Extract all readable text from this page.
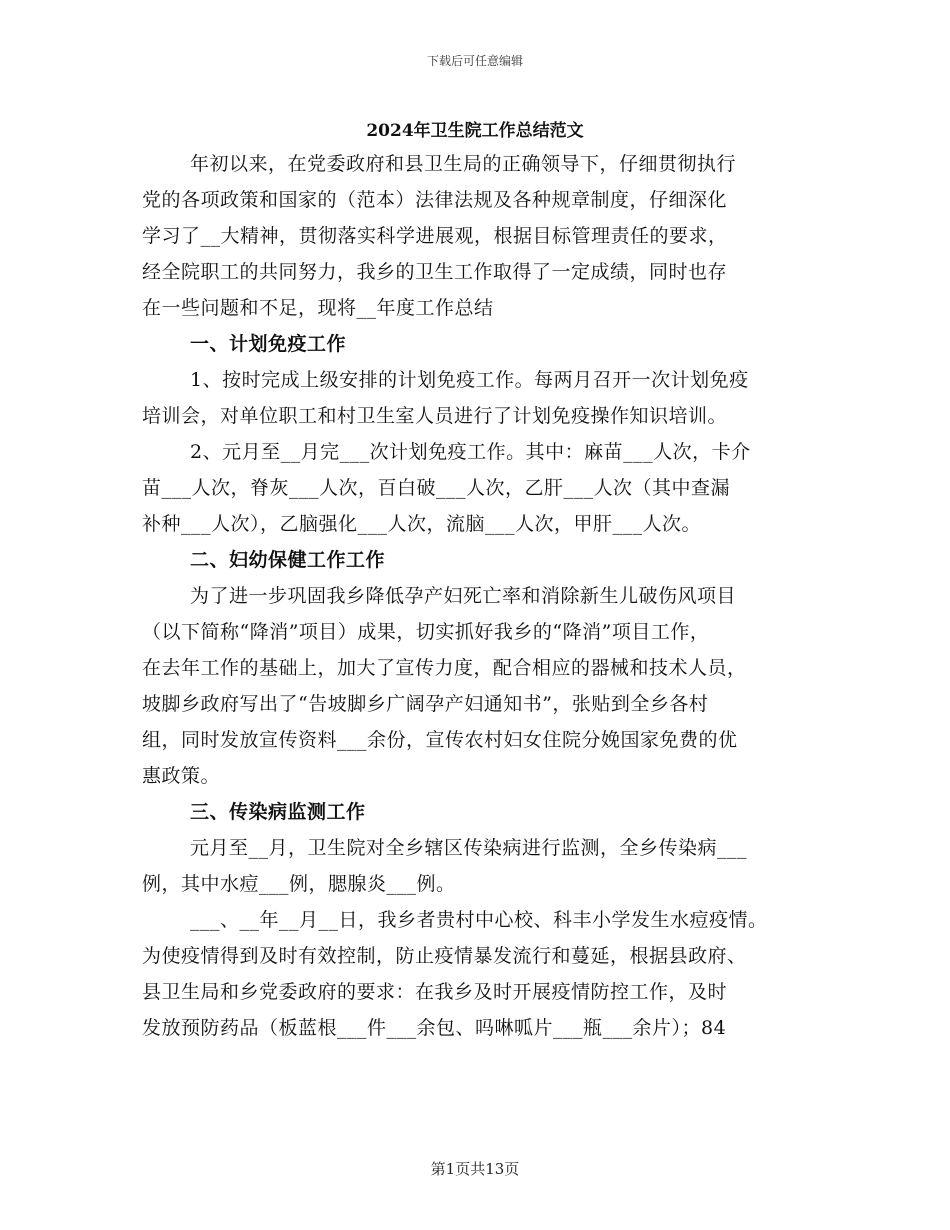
下载后可任意编辑
2024年卫生院工作总结范文
年初以来，在党委政府和县卫生局的正确领导下，仔细贯彻执行
党的各项政策和国家的（范本）法律法规及各种规章制度，仔细深化
学习了__大精神，贯彻落实科学进展观，根据目标管理责任的要求，
经全院职工的共同努力，我乡的卫生工作取得了一定成绩，同时也存
在一些问题和不足，现将__年度工作总结
一、计划免疫工作
1、按时完成上级安排的计划免疫工作。每两月召开一次计划免疫
培训会，对单位职工和村卫生室人员进行了计划免疫操作知识培训。
2、元月至__月完___次计划免疫工作。其中：麻苗___人次，卡介
苗___人次，脊灰___人次，百白破___人次，乙肝___人次（其中查漏
补种___人次），乙脑强化___人次，流脑___人次，甲肝___人次。
二、妇幼保健工作工作
为了进一步巩固我乡降低孕产妇死亡率和消除新生儿破伤风项目
（以下简称“降消”项目）成果，切实抓好我乡的“降消”项目工作，
在去年工作的基础上，加大了宣传力度，配合相应的器械和技术人员，
坡脚乡政府写出了“告坡脚乡广阔孕产妇通知书”，张贴到全乡各村
组，同时发放宣传资料___余份，宣传农村妇女住院分娩国家免费的优
惠政策。
三、传染病监测工作
元月至__月，卫生院对全乡辖区传染病进行监测，全乡传染病___
例，其中水痘___例，腮腺炎___例。
___、__年__月__日，我乡者贵村中心校、科丰小学发生水痘疫情。
为使疫情得到及时有效控制，防止疫情暴发流行和蔓延，根据县政府、
县卫生局和乡党委政府的要求：在我乡及时开展疫情防控工作，及时
发放预防药品（板蓝根___件___余包、吗啉呱片___瓶___余片）；84
第1页共13页
